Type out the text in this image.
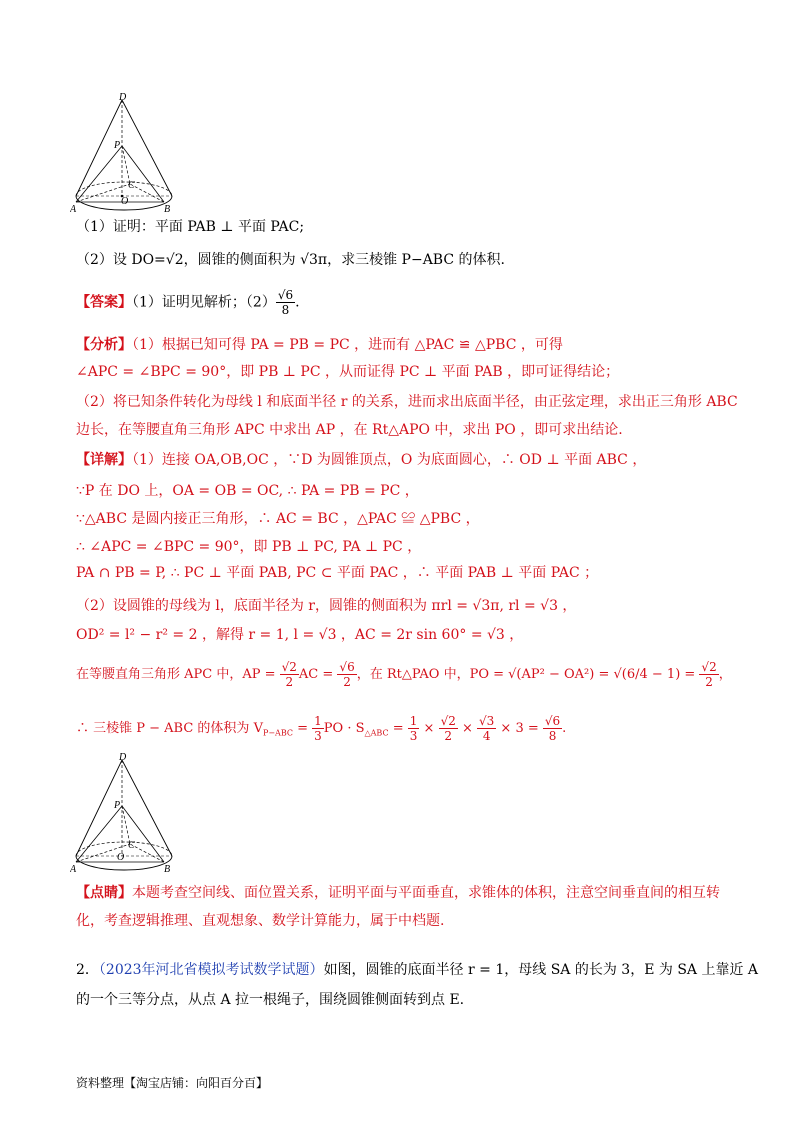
D
P
C
O
A	B
（1）证明：平面 PAB ⊥ 平面 PAC;
（2）设 DO=√2，圆锥的侧面积为 √3π，求三棱锥 P−ABC 的体积.
【答案】（1）证明见解析；$(2) \frac{√6}{8}$ .
【分析】（1）根据已知可得 PA = PB = PC ，进而有 △PAC ≌ △PBC ，可得
∠APC = ∠BPC = 90°，即 PB ⊥ PC ，从而证得 PC ⊥ 平面 PAB ，即可证得结论；
（2）将已知条件转化为母线 l 和底面半径 r 的关系，进而求出底面半径，由正弦定理，求出正三角形 ABC
边长，在等腰直角三角形 APC 中求出 AP ，在 Rt△APO 中，求出 PO ，即可求出结论.
【详解】（1）连接 OA,OB,OC ，∵D 为圆锥顶点，O 为底面圆心，∴ OD ⊥ 平面 ABC ，
∵P 在 DO 上，OA = OB = OC, ∴ PA = PB = PC ，
∵△ABC 是圆内接正三角形，∴ AC = BC ，△PAC ≌ △PBC ，
∴ ∠APC = ∠BPC = 90°，即 PB ⊥ PC, PA ⊥ PC ，
PA ∩ PB = P, ∴ PC ⊥ 平面 PAB, PC ⊂ 平面 PAC ，∴ 平面 PAB ⊥ 平面 PAC ；
（2）设圆锥的母线为 l，底面半径为 r，圆锥的侧面积为 πrl = √3π, rl = √3 ，
OD² = l² − r² = 2 ，解得 r = 1, l = √3 ，AC = 2r sin 60° = √3 ，
在等腰直角三角形 APC 中，AP = $\frac{√2}{2}$ AC = $\frac{√6}{2}$ ，在 Rt△PAO 中，PO = $√(AP^2 - OA^2) = √(6/4 - 1) = \frac{√2}{2}$ ，
∴ 三棱锥 P − ABC 的体积为 $V_{P-ABC} = \frac{1}{3}$ PO · $S_{\triangle ABC} = \frac{1}{3} \times \frac{√2}{2} \times \frac{√3}{4} \times 3 = \frac{√6}{8}$ .
D
P
C
O
A	B
【点睛】本题考查空间线、面位置关系，证明平面与平面垂直，求锥体的体积，注意空间垂直间的相互转
化，考查逻辑推理、直观想象、数学计算能力，属于中档题.
2．（2023年河北省模拟考试数学试题）如图，圆锥的底面半径 r = 1，母线 SA 的长为 3，E 为 SA 上靠近 A
的一个三等分点，从点 A 拉一根绳子，围绕圆锥侧面转到点 E.
资料整理【淘宝店铺：向阳百分百】
